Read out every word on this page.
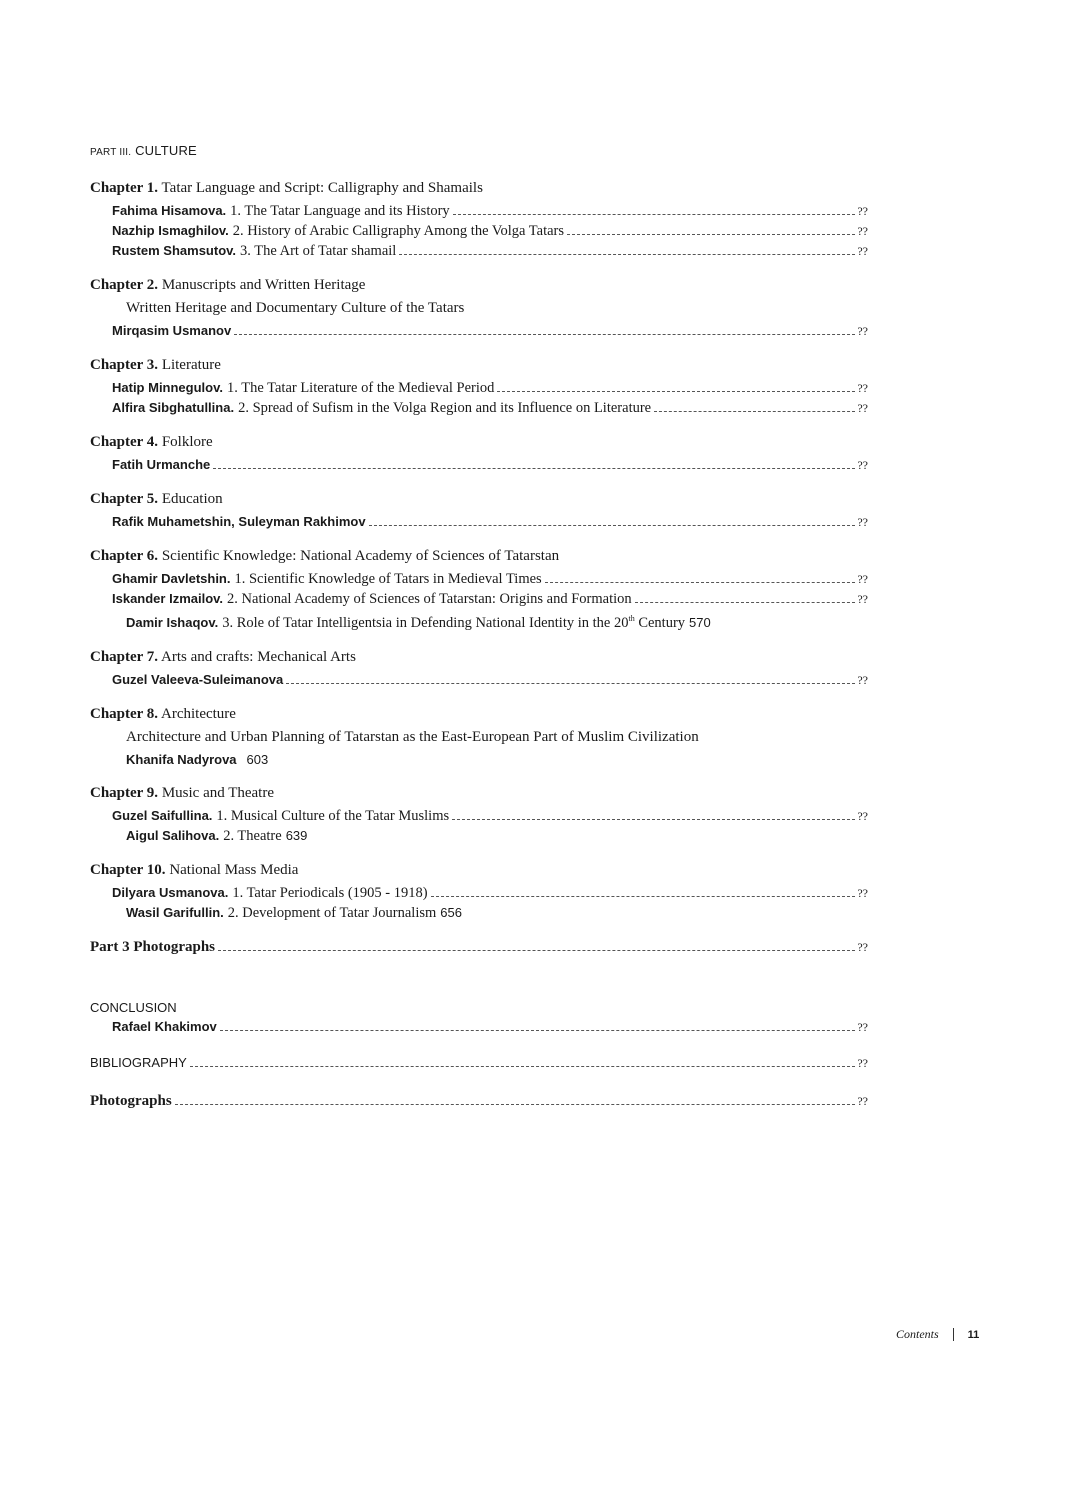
PART III. CULTURE
Chapter 1. Tatar Language and Script: Calligraphy and Shamails
Fahima Hisamova. 1. The Tatar Language and its History	??
Nazhip Ismaghilov. 2. History of Arabic Calligraphy Among the Volga Tatars	??
Rustem Shamsutov. 3. The Art of Tatar shamail	??
Chapter 2. Manuscripts and Written Heritage
Written Heritage and Documentary Culture of the Tatars
Mirqasim Usmanov	??
Chapter 3. Literature
Hatip Minnegulov. 1. The Tatar Literature of the Medieval Period	??
Alfira Sibghatullina. 2. Spread of Sufism in the Volga Region and its Influence on Literature	??
Chapter 4. Folklore
Fatih Urmanche	??
Chapter 5. Education
Rafik Muhametshin, Suleyman Rakhimov	??
Chapter 6. Scientific Knowledge: National Academy of Sciences of Tatarstan
Ghamir Davletshin. 1. Scientific Knowledge of Tatars in Medieval Times	??
Iskander Izmailov. 2. National Academy of Sciences of Tatarstan: Origins and Formation	??
Damir Ishaqov. 3. Role of Tatar Intelligentsia in Defending National Identity in the 20th Century 570
Chapter 7. Arts and crafts: Mechanical Arts
Guzel Valeeva-Suleimanova	??
Chapter 8. Architecture
Architecture and Urban Planning of Tatarstan as the East-European Part of Muslim Civilization
Khanifa Nadyrova 603
Chapter 9. Music and Theatre
Guzel Saifullina. 1. Musical Culture of the Tatar Muslims	??
Aigul Salihova. 2. Theatre 639
Chapter 10. National Mass Media
Dilyara Usmanova. 1. Tatar Periodicals (1905 - 1918)	??
Wasil Garifullin. 2. Development of Tatar Journalism 656
Part 3 Photographs	??
CONCLUSION
Rafael Khakimov	??
BIBLIOGRAPHY	??
Photographs	??
Contents	11
